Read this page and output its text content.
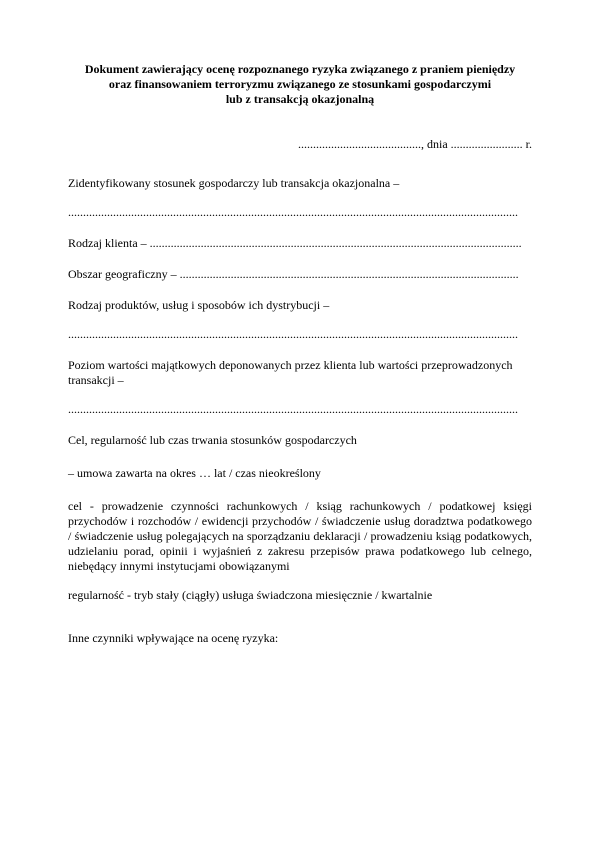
Dokument zawierający ocenę rozpoznanego ryzyka związanego z praniem pieniędzy
oraz finansowaniem terroryzmu związanego ze stosunkami gospodarczymi
lub z transakcją okazjonalną
........................................., dnia ........................ r.
Zidentyfikowany stosunek gospodarczy lub transakcja okazjonalna –
......................................................................................................................................................
Rodzaj klienta – ............................................................................................................................
Obszar geograficzny – .................................................................................................................
Rodzaj produktów, usług i sposobów ich dystrybucji –
......................................................................................................................................................
Poziom wartości majątkowych deponowanych przez klienta lub wartości przeprowadzonych transakcji –
......................................................................................................................................................
Cel, regularność lub czas trwania stosunków gospodarczych
– umowa zawarta na okres … lat / czas nieokreślony
cel - prowadzenie czynności rachunkowych / ksiąg rachunkowych / podatkowej księgi przychodów i rozchodów / ewidencji przychodów / świadczenie usług doradztwa podatkowego / świadczenie usług polegających na sporządzaniu deklaracji / prowadzeniu ksiąg podatkowych, udzielaniu porad, opinii i wyjaśnień z zakresu przepisów prawa podatkowego lub celnego, niebędący innymi instytucjami obowiązanymi
regularność - tryb stały (ciągły) usługa świadczona miesięcznie / kwartalnie
Inne czynniki wpływające na ocenę ryzyka:
